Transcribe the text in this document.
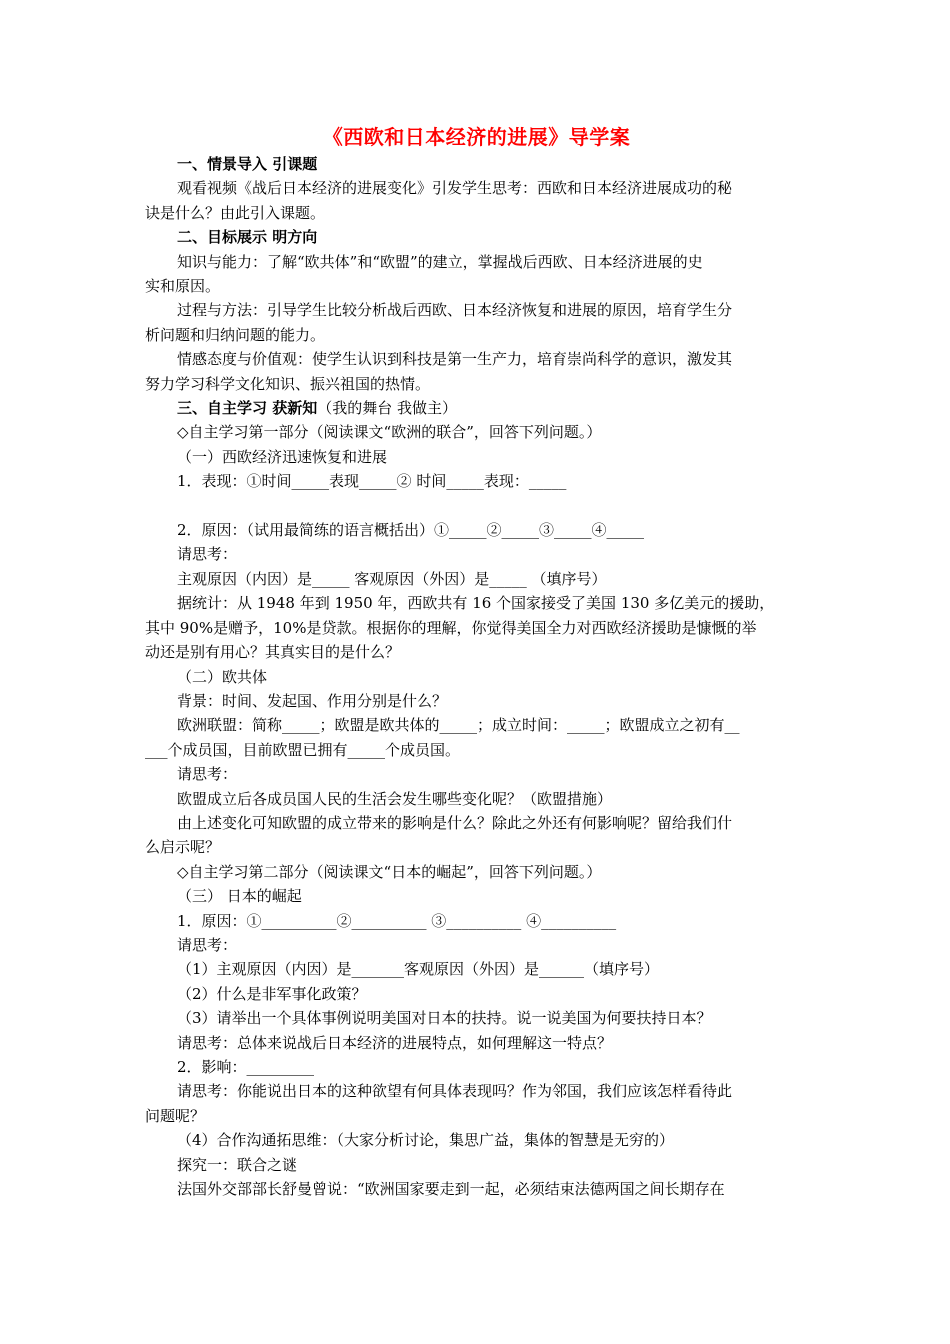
《西欧和日本经济的进展》导学案
一、情景导入 引课题
观看视频《战后日本经济的进展变化》引发学生思考：西欧和日本经济进展成功的秘
诀是什么？由此引入课题。
二、目标展示 明方向
知识与能力：了解“欧共体”和“欧盟”的建立，掌握战后西欧、日本经济进展的史
实和原因。
过程与方法：引导学生比较分析战后西欧、日本经济恢复和进展的原因，培育学生分
析问题和归纳问题的能力。
情感态度与价值观：使学生认识到科技是第一生产力，培育崇尚科学的意识，激发其
努力学习科学文化知识、振兴祖国的热情。
三、自主学习 获新知（我的舞台 我做主）
◇自主学习第一部分（阅读课文“欧洲的联合”，回答下列问题。）
（一）西欧经济迅速恢复和进展
1．表现：①时间_____表现_____② 时间_____表现：_____
2．原因：（试用最简练的语言概括出）①_____②_____③_____④_____
请思考：
主观原因（内因）是_____ 客观原因（外因）是_____ （填序号）
据统计：从 1948 年到 1950 年，西欧共有 16 个国家接受了美国 130 多亿美元的援助，
其中 90%是赠予，10%是贷款。根据你的理解，你觉得美国全力对西欧经济援助是慷慨的举
动还是别有用心？其真实目的是什么？
（二）欧共体
背景：时间、发起国、作用分别是什么？
欧洲联盟：简称_____；欧盟是欧共体的_____；成立时间：_____；欧盟成立之初有__
___个成员国，目前欧盟已拥有_____个成员国。
请思考：
欧盟成立后各成员国人民的生活会发生哪些变化呢？（欧盟措施）
由上述变化可知欧盟的成立带来的影响是什么？除此之外还有何影响呢？留给我们什
么启示呢？
◇自主学习第二部分（阅读课文“日本的崛起”，回答下列问题。）
（三） 日本的崛起
1．原因：①__________②__________ ③__________ ④__________
请思考：
（1）主观原因（内因）是_______客观原因（外因）是______（填序号）
（2）什么是非军事化政策？
（3）请举出一个具体事例说明美国对日本的扶持。说一说美国为何要扶持日本？
请思考：总体来说战后日本经济的进展特点，如何理解这一特点？
2．影响：_________
请思考：你能说出日本的这种欲望有何具体表现吗？作为邻国，我们应该怎样看待此
问题呢？
（4）合作沟通拓思维：（大家分析讨论，集思广益，集体的智慧是无穷的）
探究一：联合之谜
法国外交部部长舒曼曾说：“欧洲国家要走到一起，必须结束法德两国之间长期存在
